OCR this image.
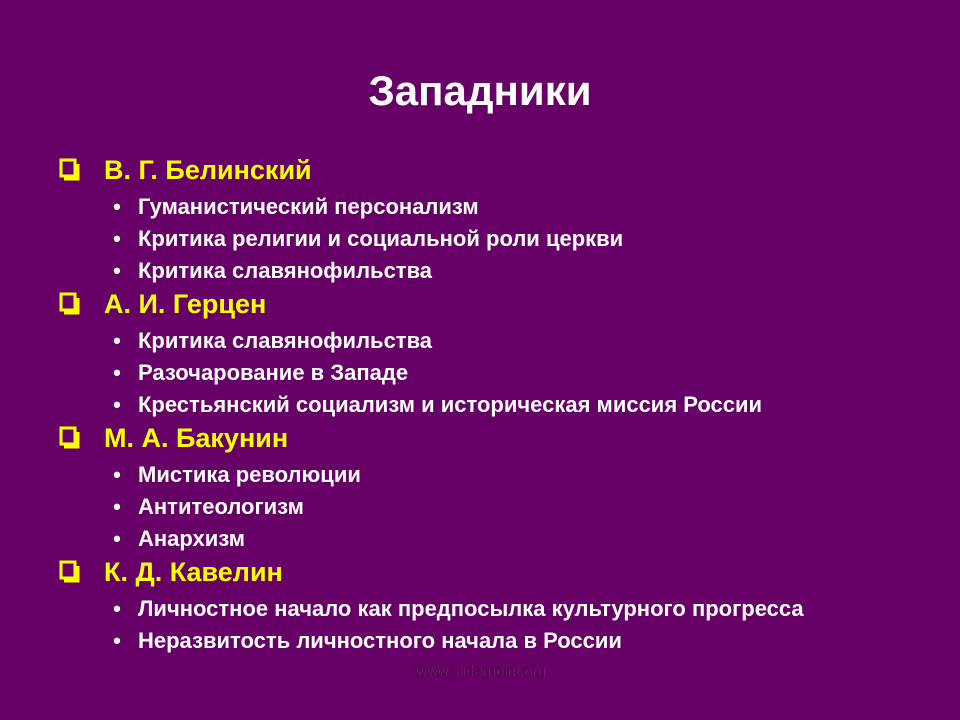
Западники
В. Г. Белинский
• Гуманистический персонализм
• Критика религии и социальной роли церкви
• Критика славянофильства
А. И. Герцен
• Критика славянофильства
• Разочарование в Западе
• Крестьянский социализм и историческая миссия России
М. А. Бакунин
• Мистика революции
• Антитеологизм
• Анархизм
К. Д. Кавелин
• Личностное начало как предпосылка культурного прогресса
• Неразвитость личностного начала в России
www.sliderpoint.org
